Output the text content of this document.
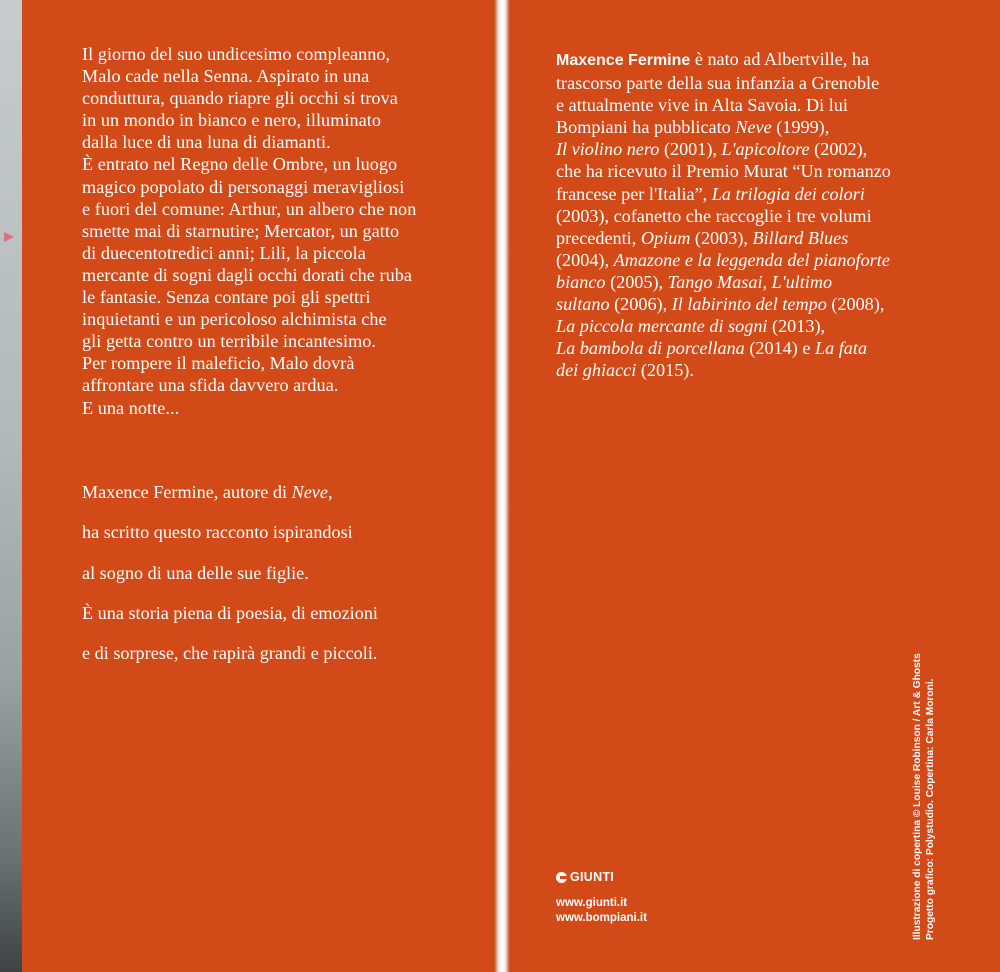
Il giorno del suo undicesimo compleanno,

Malo cade nella Senna. Aspirato in una

conduttura, quando riapre gli occhi si trova

in un mondo in bianco e nero, illuminato

dalla luce di una luna di diamanti.

È entrato nel Regno delle Ombre, un luogo

magico popolato di personaggi meravigliosi

e fuori del comune: Arthur, un albero che non

smette mai di starnutire; Mercator, un gatto

di duecentotredici anni; Lili, la piccola

mercante di sogni dagli occhi dorati che ruba

le fantasie. Senza contare poi gli spettri

inquietanti e un pericoloso alchimista che

gli getta contro un terribile incantesimo.

Per rompere il maleficio, Malo dovrà

affrontare una sfida davvero ardua.

E una notte...

Maxence Fermine, autore di Neve,

ha scritto questo racconto ispirandosi

al sogno di una delle sue figlie.

È una storia piena di poesia, di emozioni

e di sorprese, che rapirà grandi e piccoli.

Maxence Fermine è nato ad Albertville, ha

trascorso parte della sua infanzia a Grenoble

e attualmente vive in Alta Savoia. Di lui

Bompiani ha pubblicato Neve (1999),

Il violino nero (2001), L'apicoltore (2002),

che ha ricevuto il Premio Murat “Un romanzo

francese per l'Italia”, La trilogia dei colori

(2003), cofanetto che raccoglie i tre volumi

precedenti, Opium (2003), Billard Blues

(2004), Amazone e la leggenda del pianoforte

bianco (2005), Tango Masai, L'ultimo

sultano (2006), Il labirinto del tempo (2008),

La piccola mercante di sogni (2013),

La bambola di porcellana (2014) e La fata

dei ghiacci (2015).

GIUNTI
www.giunti.it
www.bompiani.it	Illustrazione di copertina © Louise Robinson / Art & Ghosts Progetto grafico: Polystudio. Copertina: Carla Moroni.
